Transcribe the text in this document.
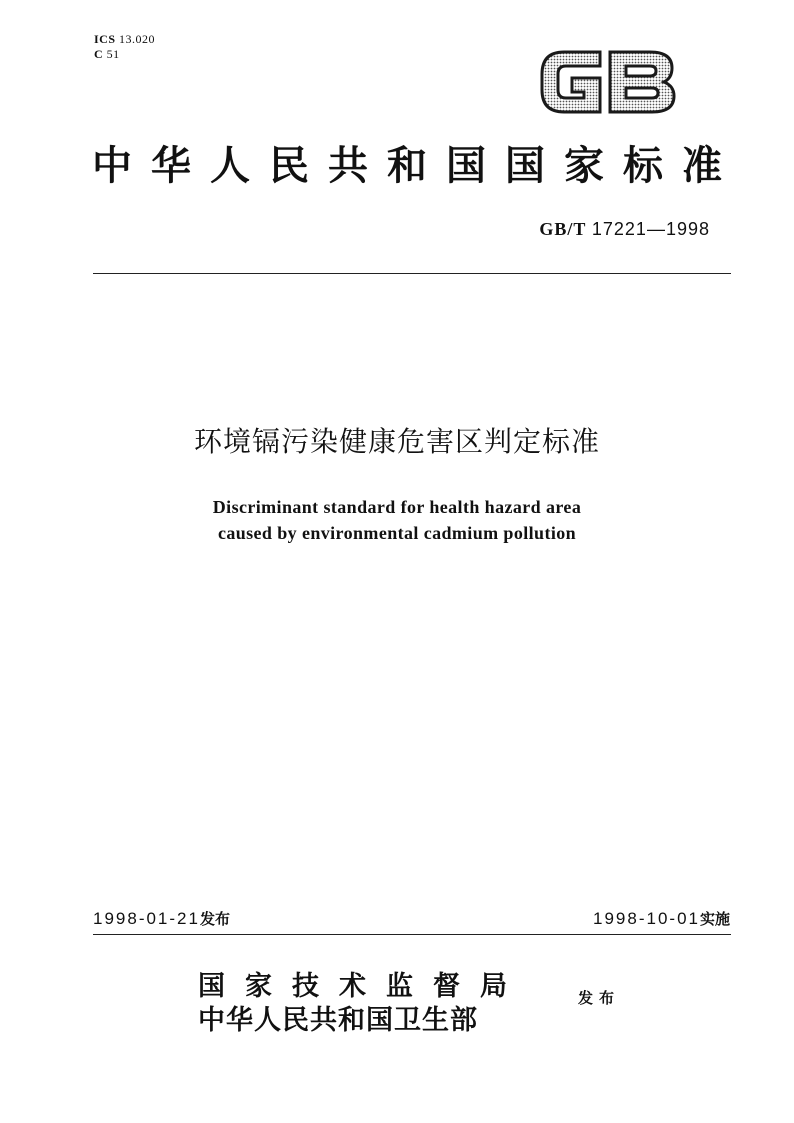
ICS 13.020
C 51
中华人民共和国国家标准
GB/T 17221—1998
环境镉污染健康危害区判定标准
Discriminant standard for health hazard area
caused by environmental cadmium pollution
1998-01-21发布	1998-10-01实施
国家技术监督局
中华人民共和国卫生部
发布
